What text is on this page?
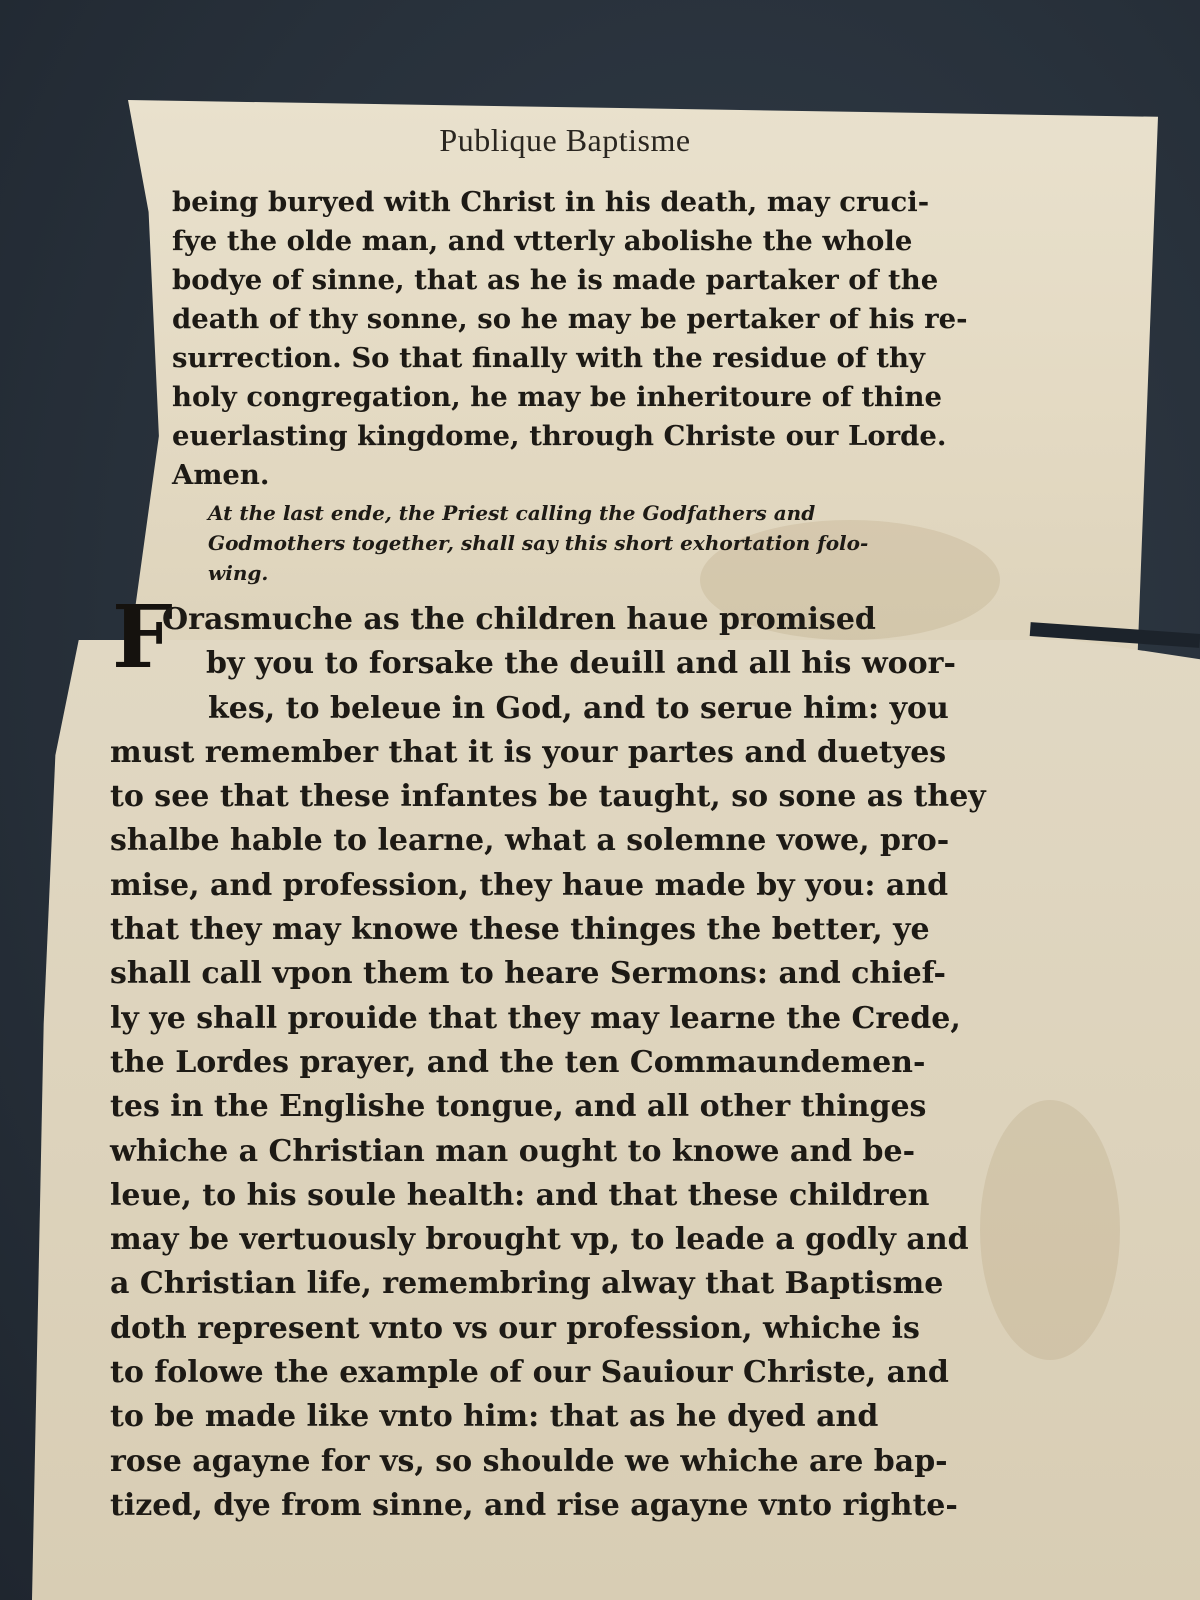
Publique Baptisme
being buryed with Christ in his death, may cruci-
fye the olde man, and vtterly abolishe the whole
bodye of sinne, that as he is made partaker of the
death of thy sonne, so he may be pertaker of his re-
surrection. So that finally with the residue of thy
holy congregation, he may be inheritoure of thine
euerlasting kingdome, through Christe our Lorde.
Amen.
At the last ende, the Priest calling the Godfathers and
Godmothers together, shall say this short exhortation folo-
wing.
F
Orasmuche as the children haue promised
by you to forsake the deuill and all his woor-
kes, to beleue in God, and to serue him: you
must remember that it is your partes and duetyes
to see that these infantes be taught, so sone as they
shalbe hable to learne, what a solemne vowe, pro-
mise, and profession, they haue made by you: and
that they may knowe these thinges the better, ye
shall call vpon them to heare Sermons: and chief-
ly ye shall prouide that they may learne the Crede,
the Lordes prayer, and the ten Commaundemen-
tes in the Englishe tongue, and all other thinges
whiche a Christian man ought to knowe and be-
leue, to his soule health: and that these children
may be vertuously brought vp, to leade a godly and
a Christian life, remembring alway that Baptisme
doth represent vnto vs our profession, whiche is
to folowe the example of our Sauiour Christe, and
to be made like vnto him: that as he dyed and
rose agayne for vs, so shoulde we whiche are bap-
tized, dye from sinne, and rise agayne vnto righte-
